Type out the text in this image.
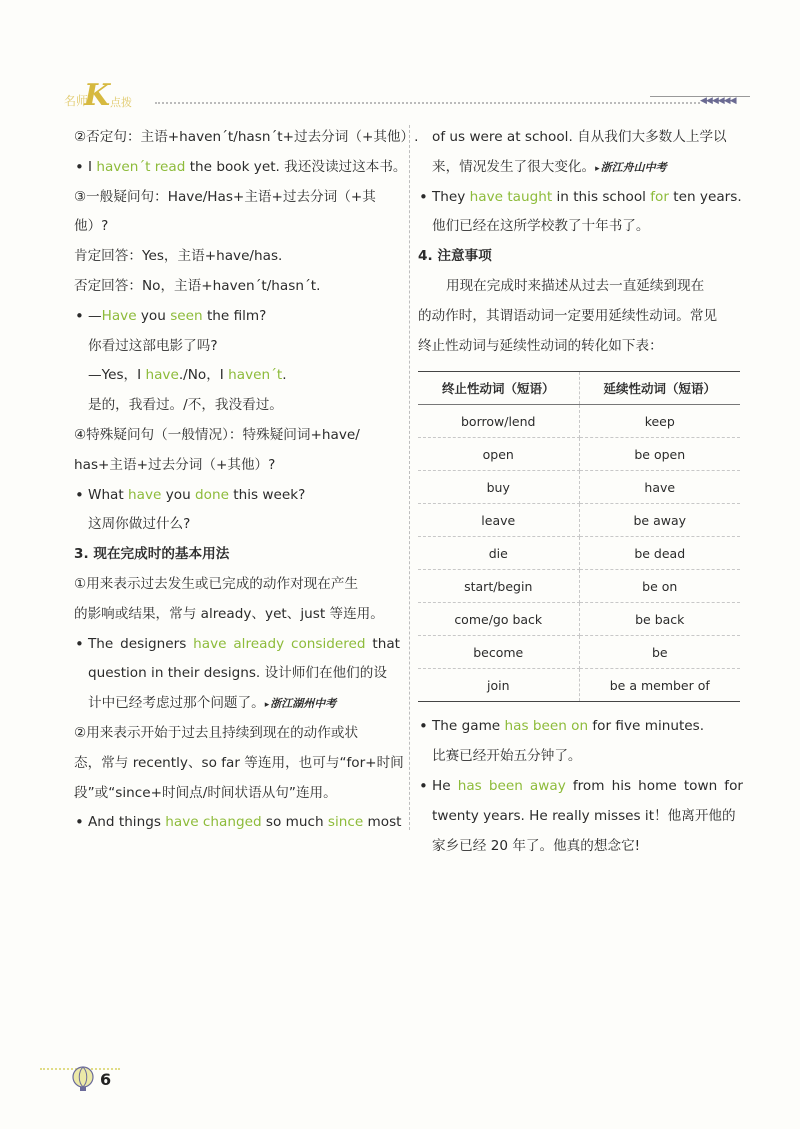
名师
K 点拨	◀◀◀◀◀◀
②否定句：主语+haven´t/hasn´t+过去分词（+其他）.
• I haven´t read the book yet. 我还没读过这本书。
③一般疑问句：Have/Has+主语+过去分词（+其
他）?
肯定回答：Yes，主语+have/has.
否定回答：No，主语+haven´t/hasn´t.
• —Have you seen the film?
你看过这部电影了吗?
—Yes，I have./No，I haven´t.
是的，我看过。/不，我没看过。
④特殊疑问句（一般情况）：特殊疑问词+have/
has+主语+过去分词（+其他）?
• What have you done this week?
这周你做过什么?
3. 现在完成时的基本用法
①用来表示过去发生或已完成的动作对现在产生
的影响或结果，常与 already、yet、just 等连用。
• The designers have already considered that
question in their designs. 设计师们在他们的设
计中已经考虑过那个问题了。 ▸ 浙江湖州中考
②用来表示开始于过去且持续到现在的动作或状
态，常与 recently、so far 等连用，也可与“for+时间
段”或“since+时间点/时间状语从句”连用。
• And things have changed so much since most
of us were at school. 自从我们大多数人上学以
来，情况发生了很大变化。 ▸ 浙江舟山中考
• They have taught in this school for ten years.
他们已经在这所学校教了十年书了。
4. 注意事项
用现在完成时来描述从过去一直延续到现在
的动作时，其谓语动词一定要用延续性动词。常见
终止性动词与延续性动词的转化如下表：
终止性动词（短语）	延续性动词（短语）
borrow/lend	keep
open	be open
buy	have
leave	be away
die	be dead
start/begin	be on
come/go back	be back
become	be
join	be a member of
• The game has been on for five minutes.
比赛已经开始五分钟了。
• He has been away from his home town for
twenty years. He really misses it！他离开他的
家乡已经 20 年了。他真的想念它!
6
